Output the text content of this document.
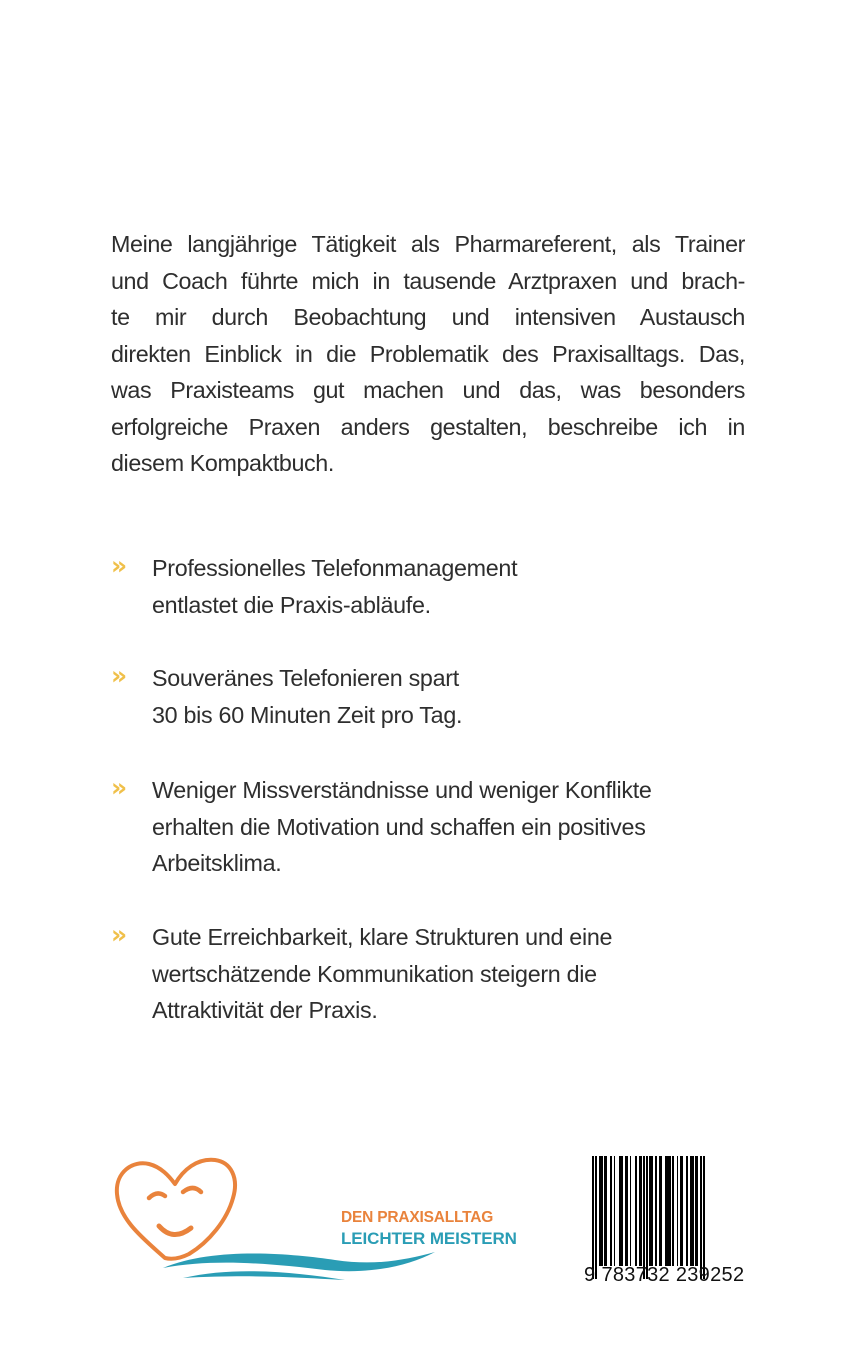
Meine langjährige Tätigkeit als Pharmareferent, als Trainer
und Coach führte mich in tausende Arztpraxen und brach-
te mir durch Beobachtung und intensiven Austausch
direkten Einblick in die Problematik des Praxisalltags. Das,
was Praxisteams gut machen und das, was besonders
erfolgreiche Praxen anders gestalten, beschreibe ich in
diesem Kompaktbuch.
» Professionelles Telefonmanagement
entlastet die Praxis-abläufe.
» Souveränes Telefonieren spart
30 bis 60 Minuten Zeit pro Tag.
» Weniger Missverständnisse und weniger Konflikte
erhalten die Motivation und schaffen ein positives
Arbeitsklima.
» Gute Erreichbarkeit, klare Strukturen und eine
wertschätzende Kommunikation steigern die
Attraktivität der Praxis.
DEN PRAXISALLTAG
LEICHTER MEISTERN
9 783732 239252
